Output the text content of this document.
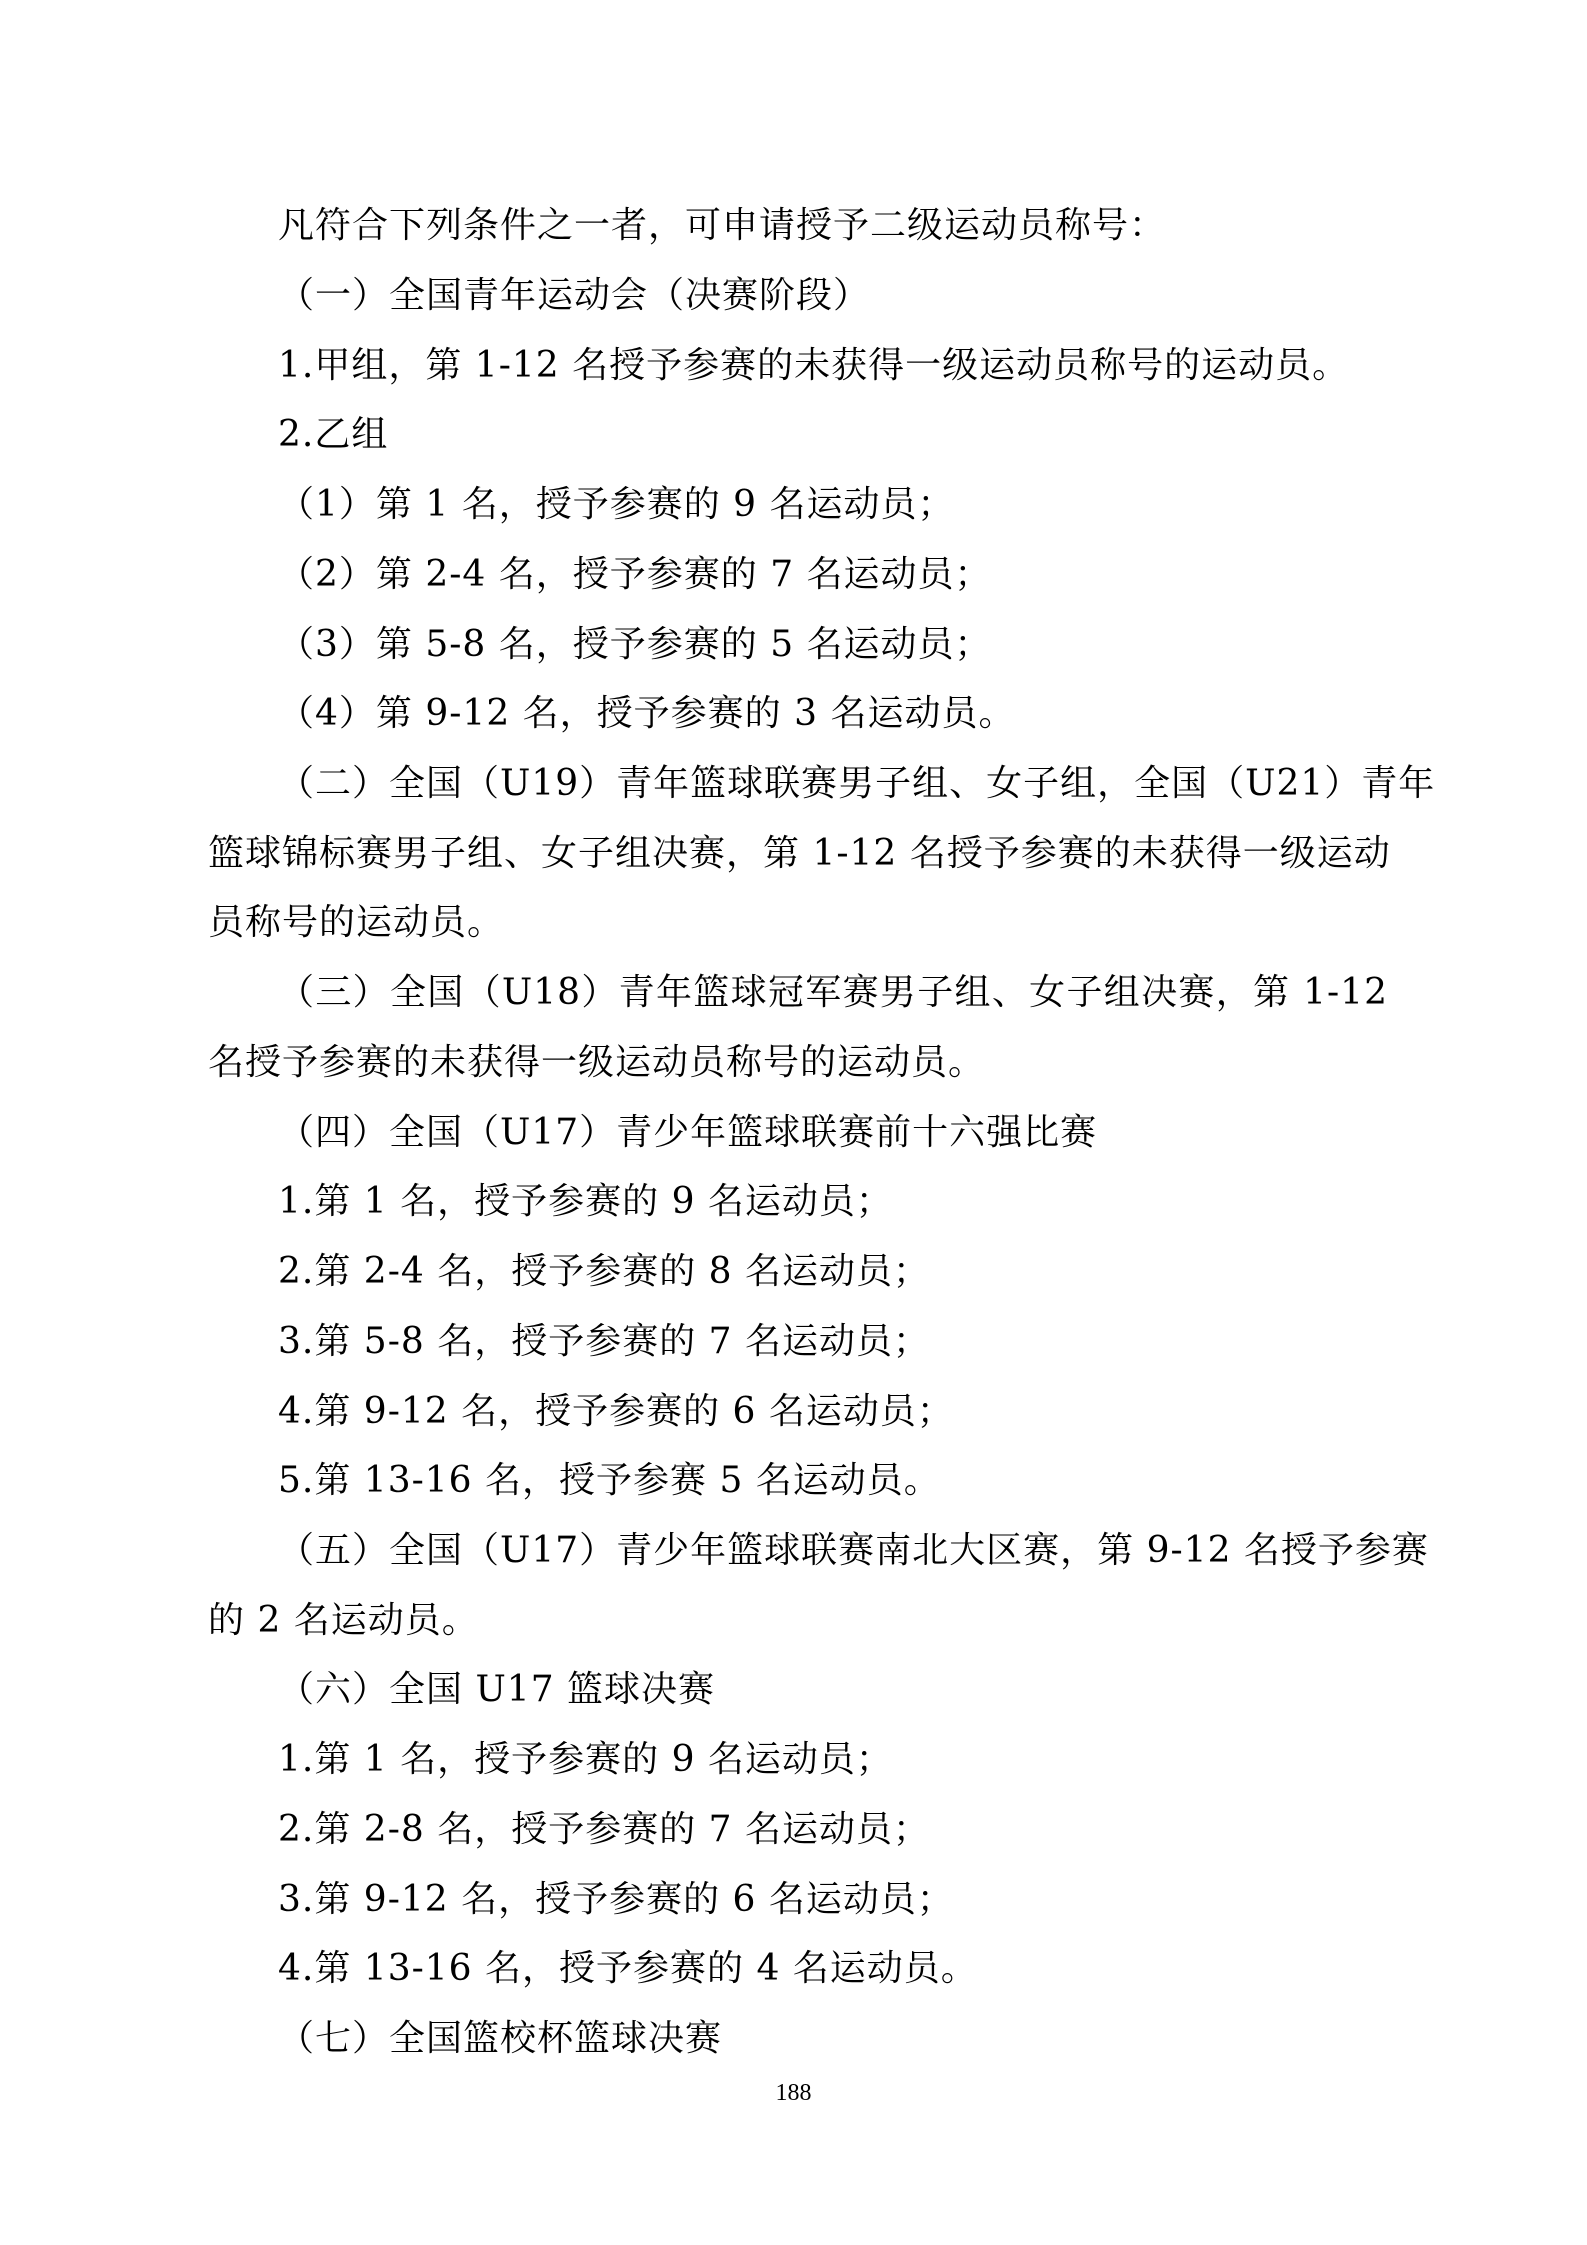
凡符合下列条件之一者，可申请授予二级运动员称号：
（一）全国青年运动会（决赛阶段）
1.甲组，第 1-12 名授予参赛的未获得一级运动员称号的运动员。
2.乙组
（1）第 1 名，授予参赛的 9 名运动员；
（2）第 2-4 名，授予参赛的 7 名运动员；
（3）第 5-8 名，授予参赛的 5 名运动员；
（4）第 9-12 名，授予参赛的 3 名运动员。
（二）全国（U19）青年篮球联赛男子组、女子组，全国（U21）青年
篮球锦标赛男子组、女子组决赛，第 1-12 名授予参赛的未获得一级运动
员称号的运动员。
（三）全国（U18）青年篮球冠军赛男子组、女子组决赛，第 1-12
名授予参赛的未获得一级运动员称号的运动员。
（四）全国（U17）青少年篮球联赛前十六强比赛
1.第 1 名，授予参赛的 9 名运动员；
2.第 2-4 名，授予参赛的 8 名运动员；
3.第 5-8 名，授予参赛的 7 名运动员；
4.第 9-12 名，授予参赛的 6 名运动员；
5.第 13-16 名，授予参赛 5 名运动员。
（五）全国（U17）青少年篮球联赛南北大区赛，第 9-12 名授予参赛
的 2 名运动员。
（六）全国 U17 篮球决赛
1.第 1 名，授予参赛的 9 名运动员；
2.第 2-8 名，授予参赛的 7 名运动员；
3.第 9-12 名，授予参赛的 6 名运动员；
4.第 13-16 名，授予参赛的 4 名运动员。
（七）全国篮校杯篮球决赛
188
